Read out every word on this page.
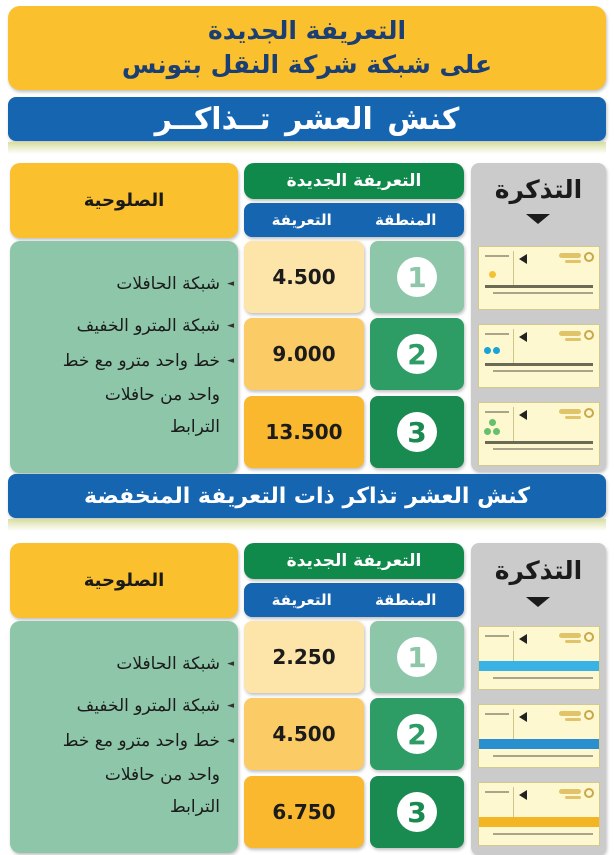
التعريفة الجديدة
على شبكة شركة النقل بتونس
كنش العشر تــذاكــر
الصلوحية
التعريفة الجديدة
التعريفة	المنطقة
◄ شبكة الحافلات
◄ شبكة المترو الخفيف
◄ خط واحد مترو مع خط
واحد من حافلات
الترابط
4.500
9.000
13.500
1
2
3
التذكرة
كنش العشر تذاكر ذات التعريفة المنخفضة
الصلوحية
التعريفة الجديدة
التعريفة	المنطقة
◄ شبكة الحافلات
◄ شبكة المترو الخفيف
◄ خط واحد مترو مع خط
واحد من حافلات
الترابط
2.250
4.500
6.750
1
2
3
التذكرة
